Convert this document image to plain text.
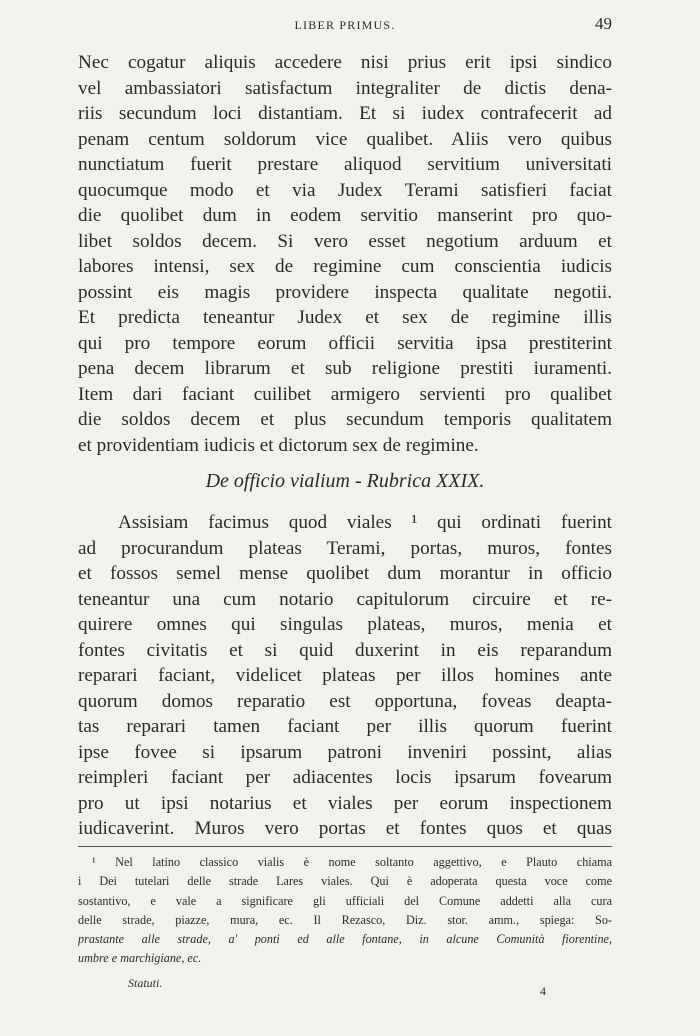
LIBER PRIMUS.	49
Nec cogatur aliquis accedere nisi prius erit ipsi sindico
vel ambassiatori satisfactum integraliter de dictis dena-
riis secundum loci distantiam. Et si iudex contrafecerit ad
penam centum soldorum vice qualibet. Aliis vero quibus
nunctiatum fuerit prestare aliquod servitium universitati
quocumque modo et via Judex Terami satisfieri faciat
die quolibet dum in eodem servitio manserint pro quo-
libet soldos decem. Si vero esset negotium arduum et
labores intensi, sex de regimine cum conscientia iudicis
possint eis magis providere inspecta qualitate negotii.
Et predicta teneantur Judex et sex de regimine illis
qui pro tempore eorum officii servitia ipsa prestiterint
pena decem librarum et sub religione prestiti iuramenti.
Item dari faciant cuilibet armigero servienti pro qualibet
die soldos decem et plus secundum temporis qualitatem
et providentiam iudicis et dictorum sex de regimine.
De officio vialium - Rubrica XXIX.
Assisiam facimus quod viales ¹ qui ordinati fuerint
ad procurandum plateas Terami, portas, muros, fontes
et fossos semel mense quolibet dum morantur in officio
teneantur una cum notario capitulorum circuire et re-
quirere omnes qui singulas plateas, muros, menia et
fontes civitatis et si quid duxerint in eis reparandum
reparari faciant, videlicet plateas per illos homines ante
quorum domos reparatio est opportuna, foveas deapta-
tas reparari tamen faciant per illis quorum fuerint
ipse fovee si ipsarum patroni inveniri possint, alias
reimpleri faciant per adiacentes locis ipsarum fovearum
pro ut ipsi notarius et viales per eorum inspectionem
iudicaverint. Muros vero portas et fontes quos et quas
¹ Nel latino classico vialis è nome soltanto aggettivo, e Plauto chiama
i Dei tutelari delle strade Lares viales. Qui è adoperata questa voce come
sostantivo, e vale a significare gli ufficiali del Comune addetti alla cura
delle strade, piazze, mura, ec. Il Rezasco, Diz. stor. amm., spiega: So-
prastante alle strade, a' ponti ed alle fontane, in alcune Comunità fiorentine,
umbre e marchigiane, ec.
Statuti.
4
